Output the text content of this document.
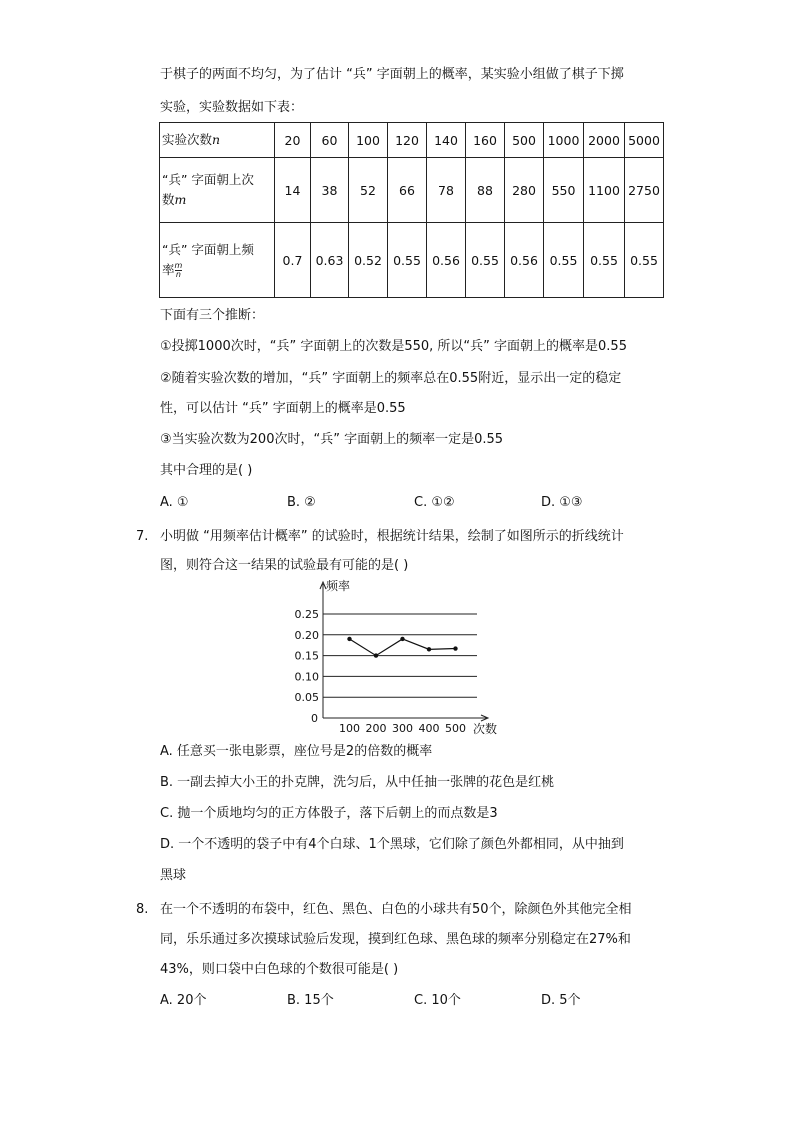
于棋子的两面不均匀，为了估计 “兵” 字面朝上的概率，某实验小组做了棋子下掷
实验，实验数据如下表：
实验次数n	20	60	100	120	140	160	500	1000	2000	5000
“兵” 字面朝上次
数m	14	38	52	66	78	88	280	550	1100	2750
“兵” 字面朝上频
率 $\frac{m}{n}$	0.7	0.63	0.52	0.55	0.56	0.55	0.56	0.55	0.55	0.55
下面有三个推断：
①投掷1000次时，“兵” 字面朝上的次数是550, 所以“兵” 字面朝上的概率是0.55
②随着实验次数的增加，“兵” 字面朝上的频率总在0.55附近，显示出一定的稳定
性，可以估计 “兵” 字面朝上的概率是0.55
③当实验次数为200次时，“兵” 字面朝上的频率一定是0.55
其中合理的是( )
A. ①	B. ②	C. ①②	D. ①③
7. 小明做 “用频率估计概率” 的试验时，根据统计结果，绘制了如图所示的折线统计
图，则符合这一结果的试验最有可能的是( )
0.25
0.20
0.15
0.10
0.05
频率
次数
0
100 200 300 400 500
A. 任意买一张电影票，座位号是2的倍数的概率
B. 一副去掉大小王的扑克牌，洗匀后，从中任抽一张牌的花色是红桃
C. 抛一个质地均匀的正方体骰子，落下后朝上的而点数是3
D. 一个不透明的袋子中有4个白球、1个黑球，它们除了颜色外都相同，从中抽到
黑球
8. 在一个不透明的布袋中，红色、黑色、白色的小球共有50个，除颜色外其他完全相
同，乐乐通过多次摸球试验后发现，摸到红色球、黑色球的频率分别稳定在27%和
43%，则口袋中白色球的个数很可能是( )
A. 20个	B. 15个	C. 10个	D. 5个
